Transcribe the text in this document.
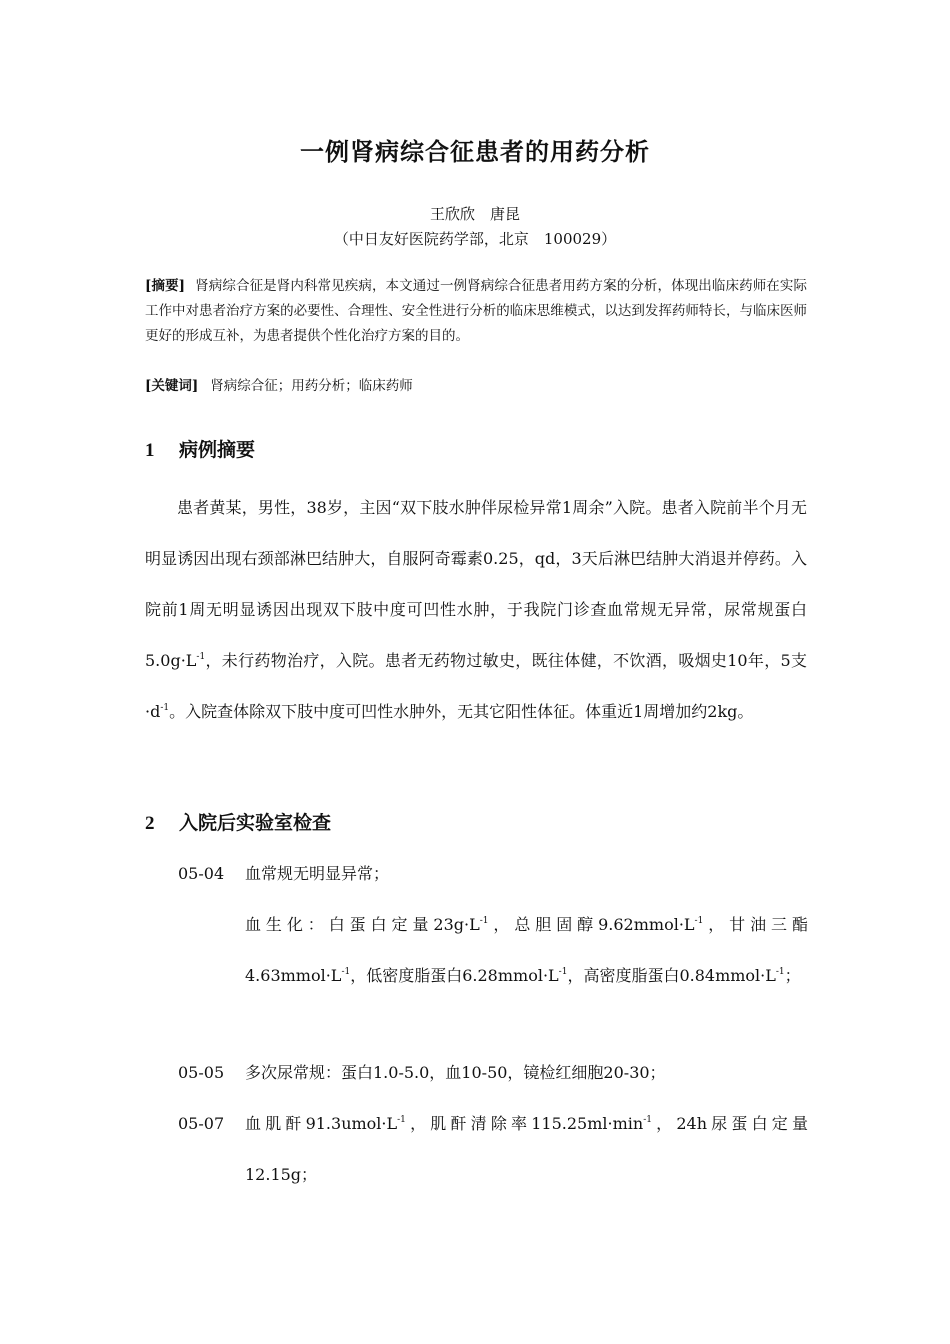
一例肾病综合征患者的用药分析
王欣欣　唐昆
（中日友好医院药学部，北京　100029）
[摘要] 肾病综合征是肾内科常见疾病，本文通过一例肾病综合征患者用药方案的分析，体现出临床药师在实际工作中对患者治疗方案的必要性、合理性、安全性进行分析的临床思维模式，以达到发挥药师特长，与临床医师更好的形成互补，为患者提供个性化治疗方案的目的。
[关键词] 肾病综合征；用药分析；临床药师
1 病例摘要
患者黄某，男性，38岁，主因“双下肢水肿伴尿检异常1周余”入院。患者入院前半个月无明显诱因出现右颈部淋巴结肿大，自服阿奇霉素0.25，qd，3天后淋巴结肿大消退并停药。入院前1周无明显诱因出现双下肢中度可凹性水肿，于我院门诊查血常规无异常，尿常规蛋白$5.0g\cdot L^{-1}$，未行药物治疗，入院。患者无药物过敏史，既往体健，不饮酒，吸烟史10年，5支$\cdot d^{-1}$。入院查体除双下肢中度可凹性水肿外，无其它阳性体征。体重近1周增加约2kg。
2 入院后实验室检查
05-04	血常规无明显异常；
血生化：白蛋白定量$23g\cdot L^{-1}$，总胆固醇$9.62mmol\cdot L^{-1}$，甘油三酯$4.63mmol\cdot L^{-1}$，低密度脂蛋白$6.28mmol\cdot L^{-1}$，高密度脂蛋白$0.84mmol\cdot L^{-1}$；
05-05	多次尿常规：蛋白1.0-5.0，血10-50，镜检红细胞20-30；
05-07	血肌酐$91.3umol\cdot L^{-1}$，肌酐清除率$115.25ml\cdot\min^{-1}$，24h尿蛋白定量12.15g；
